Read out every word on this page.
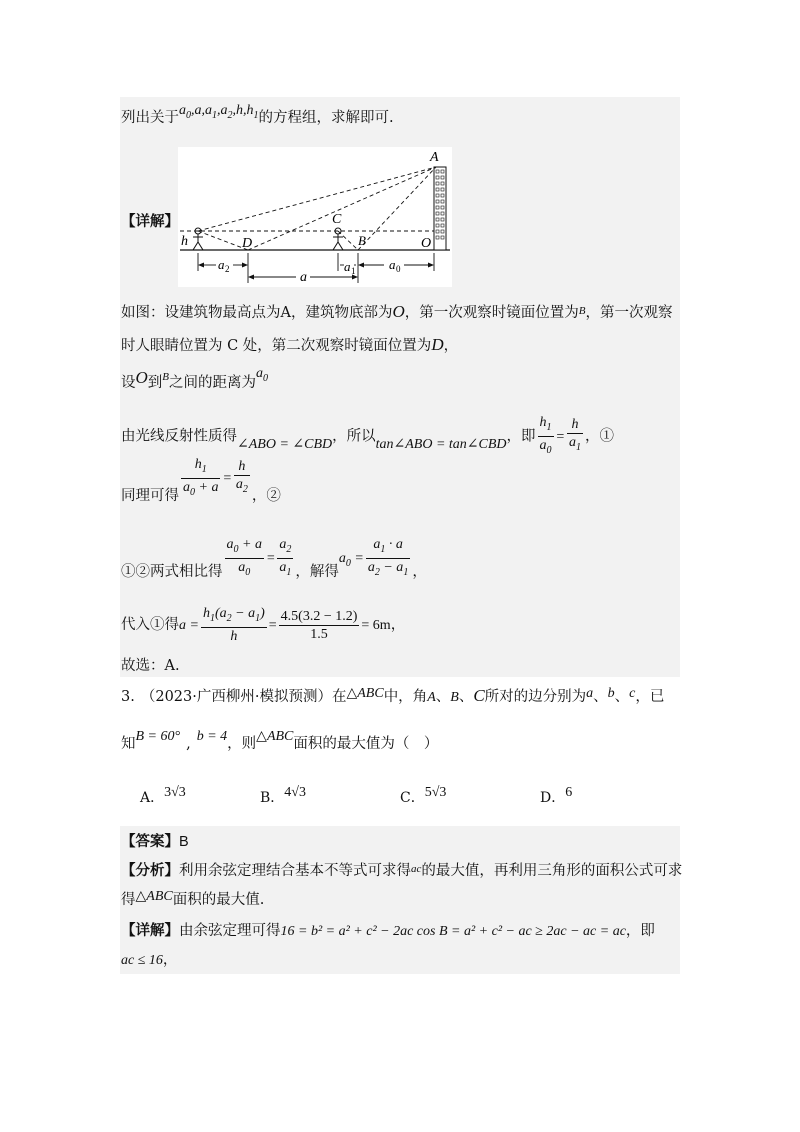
列出关于$a_0,a,a_1,a_2,h,h_1$的方程组，求解即可.
A
C
h	D	B	O
a 2
a
a 1	a 0
【详解】
如图：设建筑物最高点为A，建筑物底部为O，第一次观察时镜面位置为$^B$，第一次观察
时人眼睛位置为 C 处，第二次观察时镜面位置为D，
设O到$^B$之间的距离为$a_0$
由光线反射性质得∠ABO = ∠CBD，所以tan∠ABO = tan∠CBD，即 $\frac{h_1}{a_0} = \frac{h}{a_1}$ ，①
同理可得 $\frac{h_1}{a_0 + a} = \frac{h}{a_2}$ ，②
①②两式相比得 $\frac{a_0 + a}{a_0} = \frac{a_2}{a_1}$ ，解得$a_0 = \frac{a_1 \cdot a}{a_2 - a_1}$ ，
代入①得$a = \frac{h_1(a_2 - a_1)}{h} = \frac{4.5(3.2 - 1.2)}{1.5} = 6m$，
故选：A.
3. （2023·广西柳州·模拟预测）在△ABC中，角A、B、C所对的边分别为a、b、c，已
知B = 60° , b = 4，则△ABC面积的最大值为（　）
A．3√3	B．4√3	C．5√3	D．6
【答案】B
【分析】利用余弦定理结合基本不等式可求得$^{ac}$的最大值，再利用三角形的面积公式可求
得△ABC面积的最大值.
【详解】由余弦定理可得16 = b² = a² + c² − 2ac cos B = a² + c² − ac ≥ 2ac − ac = ac，即
ac ≤ 16，
